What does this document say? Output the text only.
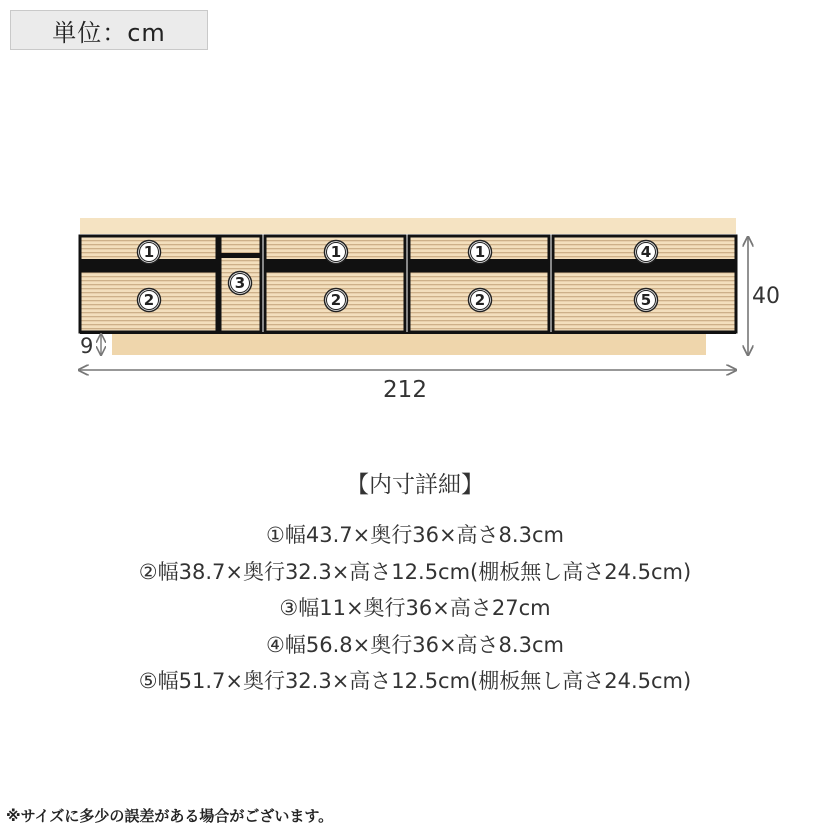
単位：cm
1	1	1	4
3
2	2	2	5	40
9
212
【内寸詳細】
①幅43.7×奥行36×高さ8.3cm
②幅38.7×奥行32.3×高さ12.5cm(棚板無し高さ24.5cm)
③幅11×奥行36×高さ27cm
④幅56.8×奥行36×高さ8.3cm
⑤幅51.7×奥行32.3×高さ12.5cm(棚板無し高さ24.5cm)
※サイズに多少の誤差がある場合がございます。
